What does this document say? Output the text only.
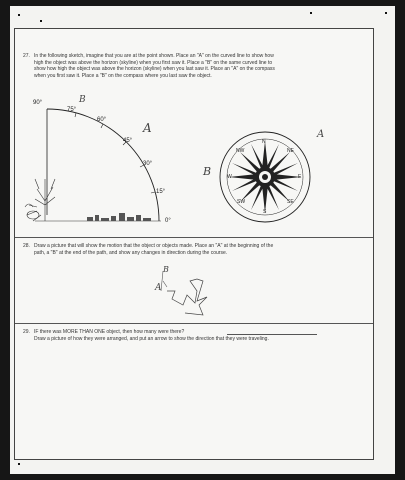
27. In the following sketch, imagine that you are at the point shown. Place an "A" on the curved line to show how
high the object was above the horizon (skyline) when you first saw it. Place a "B" on the same curved line to
show how high the object was above the horizon (skyline) when you last saw it. Place an "A" on the compass
when you first saw it. Place a "B" on the compass where you last saw the object.
90°
75°
60°
45°
30°
15°
0°
A
B
N
NE
E
SE
S
SW
W
NW
B
A
28. Draw a picture that will show the motion that the object or objects made. Place an "A" at the beginning of the
path, a "B" at the end of the path, and show any changes in direction during the course.
A
B
29. IF there was MORE THAN ONE object, then how many were there?
Draw a picture of how they were arranged, and put an arrow to show the direction that they were traveling.
